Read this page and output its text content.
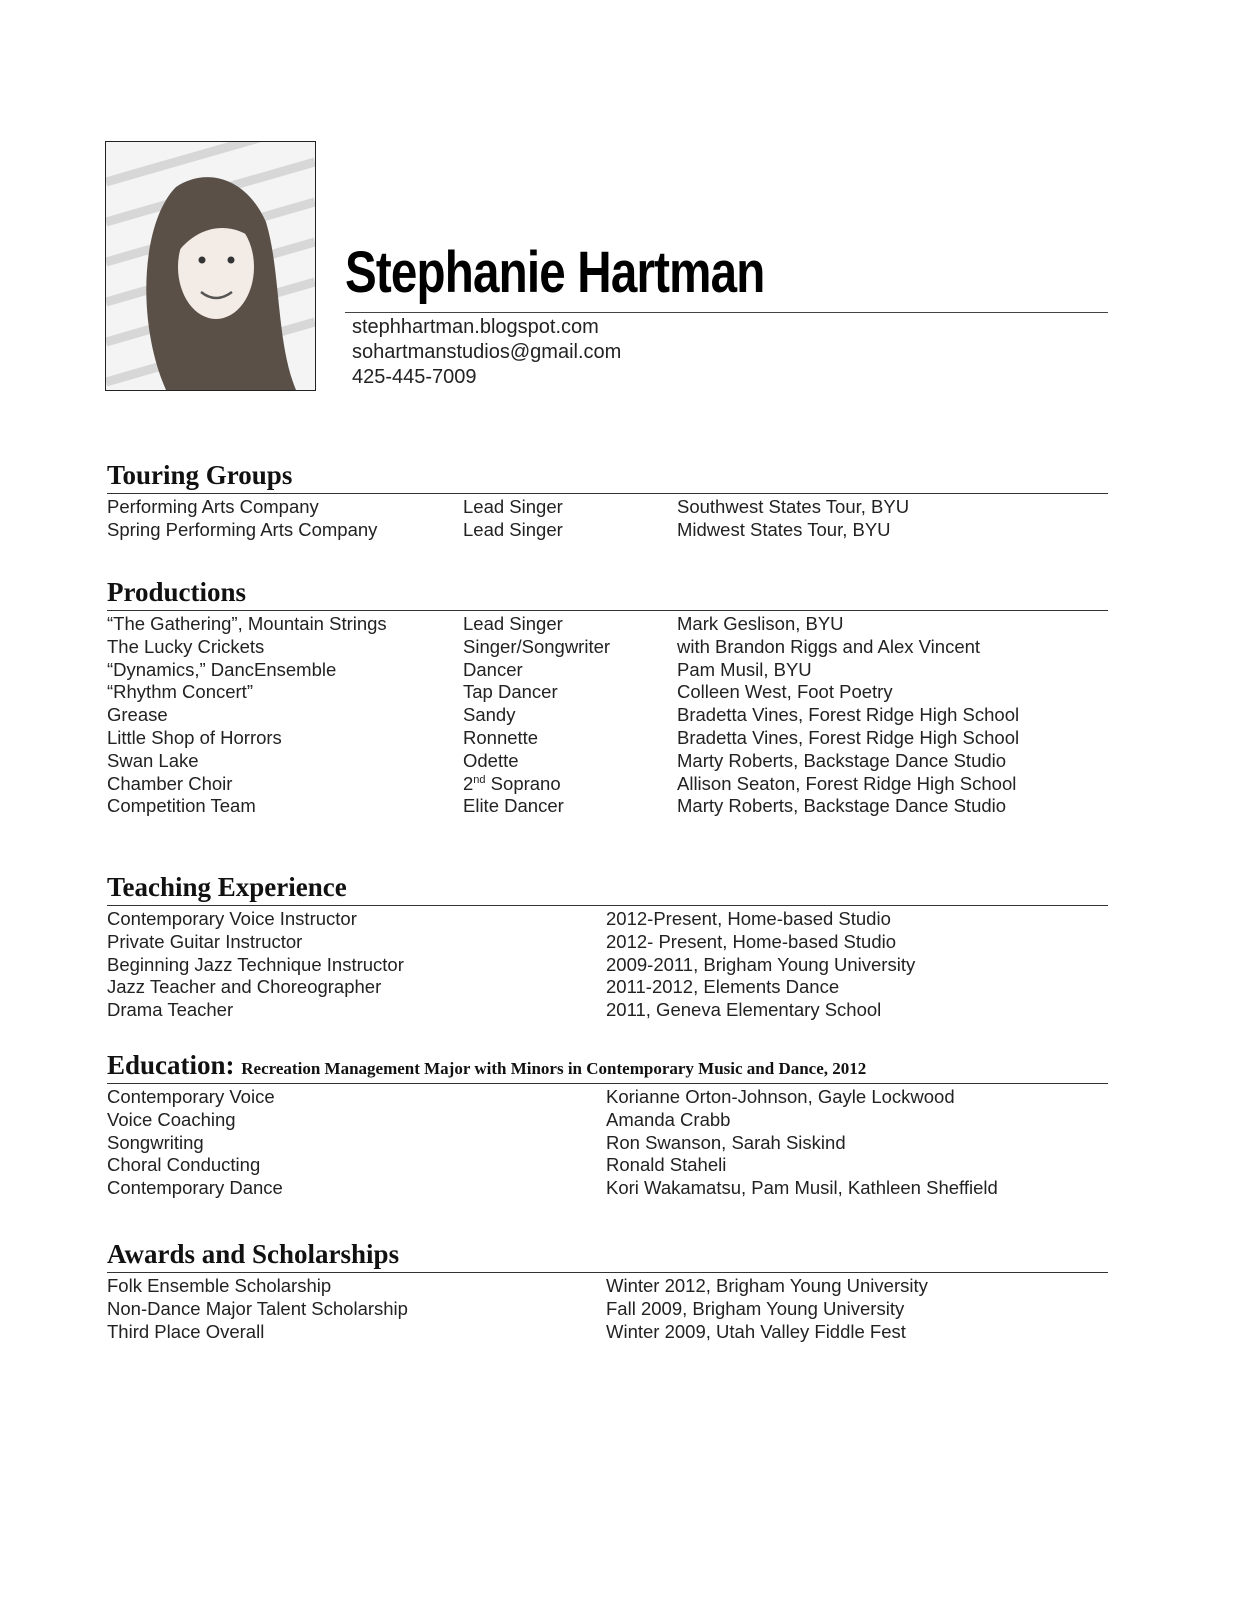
Stephanie Hartman
stephhartman.blogspot.com
sohartmanstudios@gmail.com
425-445-7009
Touring Groups
Performing Arts Company	Lead Singer	Southwest States Tour, BYU
Spring Performing Arts Company	Lead Singer	Midwest States Tour, BYU
Productions
“The Gathering”, Mountain Strings	Lead Singer	Mark Geslison, BYU
The Lucky Crickets	Singer/Songwriter	with Brandon Riggs and Alex Vincent
“Dynamics,” DancEnsemble	Dancer	Pam Musil, BYU
“Rhythm Concert”	Tap Dancer	Colleen West, Foot Poetry
Grease	Sandy	Bradetta Vines, Forest Ridge High School
Little Shop of Horrors	Ronnette	Bradetta Vines, Forest Ridge High School
Swan Lake	Odette	Marty Roberts, Backstage Dance Studio
Chamber Choir	2nd Soprano	Allison Seaton, Forest Ridge High School
Competition Team	Elite Dancer	Marty Roberts, Backstage Dance Studio
Teaching Experience
Contemporary Voice Instructor	2012-Present, Home-based Studio
Private Guitar Instructor	2012- Present, Home-based Studio
Beginning Jazz Technique Instructor	2009-2011, Brigham Young University
Jazz Teacher and Choreographer	2011-2012, Elements Dance
Drama Teacher	2011, Geneva Elementary School
Education: Recreation Management Major with Minors in Contemporary Music and Dance, 2012
Contemporary Voice	Korianne Orton-Johnson, Gayle Lockwood
Voice Coaching	Amanda Crabb
Songwriting	Ron Swanson, Sarah Siskind
Choral Conducting	Ronald Staheli
Contemporary Dance	Kori Wakamatsu, Pam Musil, Kathleen Sheffield
Awards and Scholarships
Folk Ensemble Scholarship	Winter 2012, Brigham Young University
Non-Dance Major Talent Scholarship	Fall 2009, Brigham Young University
Third Place Overall	Winter 2009, Utah Valley Fiddle Fest
